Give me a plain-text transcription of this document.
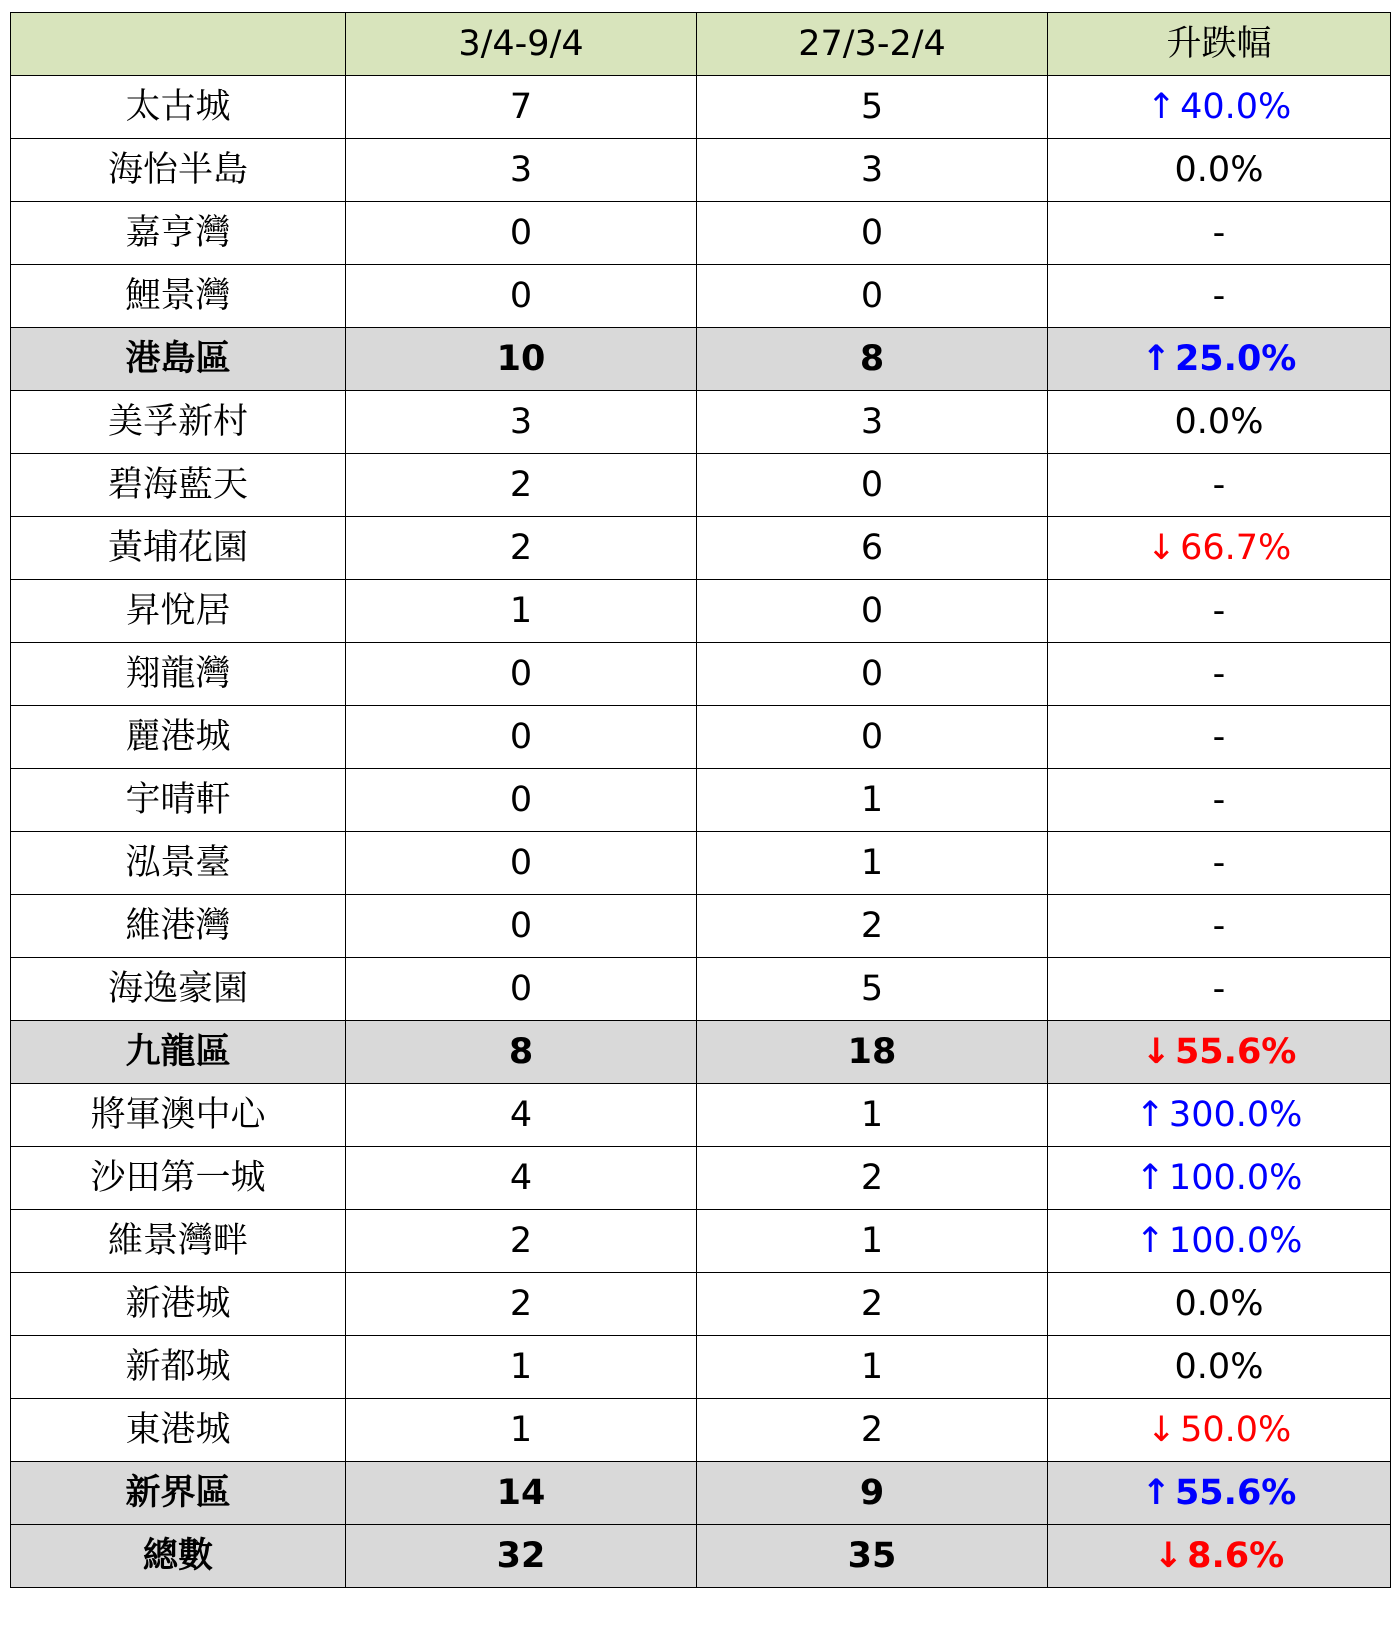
	3/4-9/4	27/3-2/4	升跌幅
太古城	7	5	↑ 40.0%
海怡半島	3	3	0.0%
嘉亨灣	0	0	-
鯉景灣	0	0	-
港島區	10	8	↑ 25.0%
美孚新村	3	3	0.0%
碧海藍天	2	0	-
黃埔花園	2	6	↓ 66.7%
昇悅居	1	0	-
翔龍灣	0	0	-
麗港城	0	0	-
宇晴軒	0	1	-
泓景臺	0	1	-
維港灣	0	2	-
海逸豪園	0	5	-
九龍區	8	18	↓ 55.6%
將軍澳中心	4	1	↑ 300.0%
沙田第一城	4	2	↑ 100.0%
維景灣畔	2	1	↑ 100.0%
新港城	2	2	0.0%
新都城	1	1	0.0%
東港城	1	2	↓ 50.0%
新界區	14	9	↑ 55.6%
總數	32	35	↓ 8.6%
